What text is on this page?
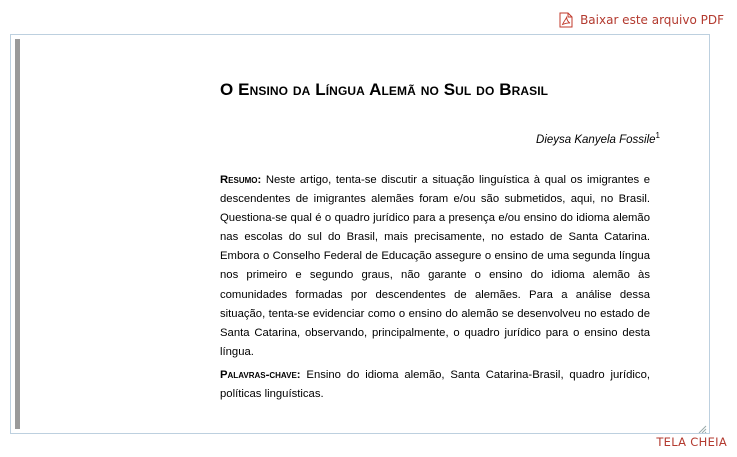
Baixar este arquivo PDF
O Ensino da Língua Alemã no Sul do Brasil
Dieysa Kanyela Fossile$^1$
Resumo: Neste artigo, tenta-se discutir a situação linguística à qual os imigrantes e descendentes de imigrantes alemães foram e/ou são submetidos, aqui, no Brasil. Questiona-se qual é o quadro jurídico para a presença e/ou ensino do idioma alemão nas escolas do sul do Brasil, mais precisamente, no estado de Santa Catarina. Embora o Conselho Federal de Educação assegure o ensino de uma segunda língua nos primeiro e segundo graus, não garante o ensino do idioma alemão às comunidades formadas por descendentes de alemães. Para a análise dessa situação, tenta-se evidenciar como o ensino do alemão se desenvolveu no estado de Santa Catarina, observando, principalmente, o quadro jurídico para o ensino desta língua.
Palavras-chave: Ensino do idioma alemão, Santa Catarina-Brasil, quadro jurídico, políticas linguísticas.
TELA CHEIA
